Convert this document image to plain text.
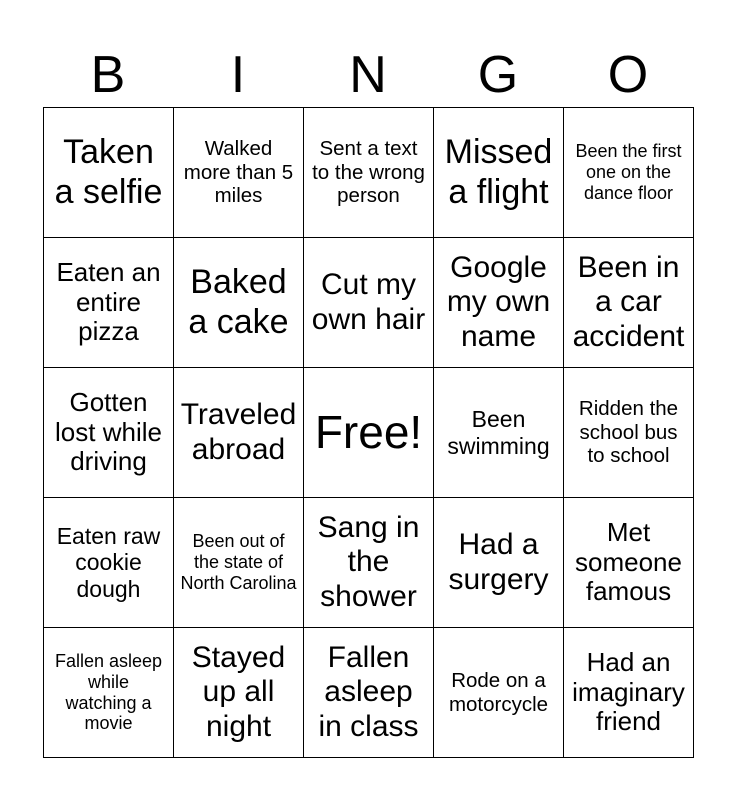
B	I	N	G	O
Taken a selfie	Walked more than 5 miles	Sent a text to the wrong person	Missed a flight	Been the first one on the dance floor
Eaten an entire pizza	Baked a cake	Cut my own hair	Google my own name	Been in a car accident
Gotten lost while driving	Traveled abroad	Free!	Been swimming	Ridden the school bus to school
Eaten raw cookie dough	Been out of the state of North Carolina	Sang in the shower	Had a surgery	Met someone famous
Fallen asleep while watching a movie	Stayed up all night	Fallen asleep in class	Rode on a motorcycle	Had an imaginary friend
